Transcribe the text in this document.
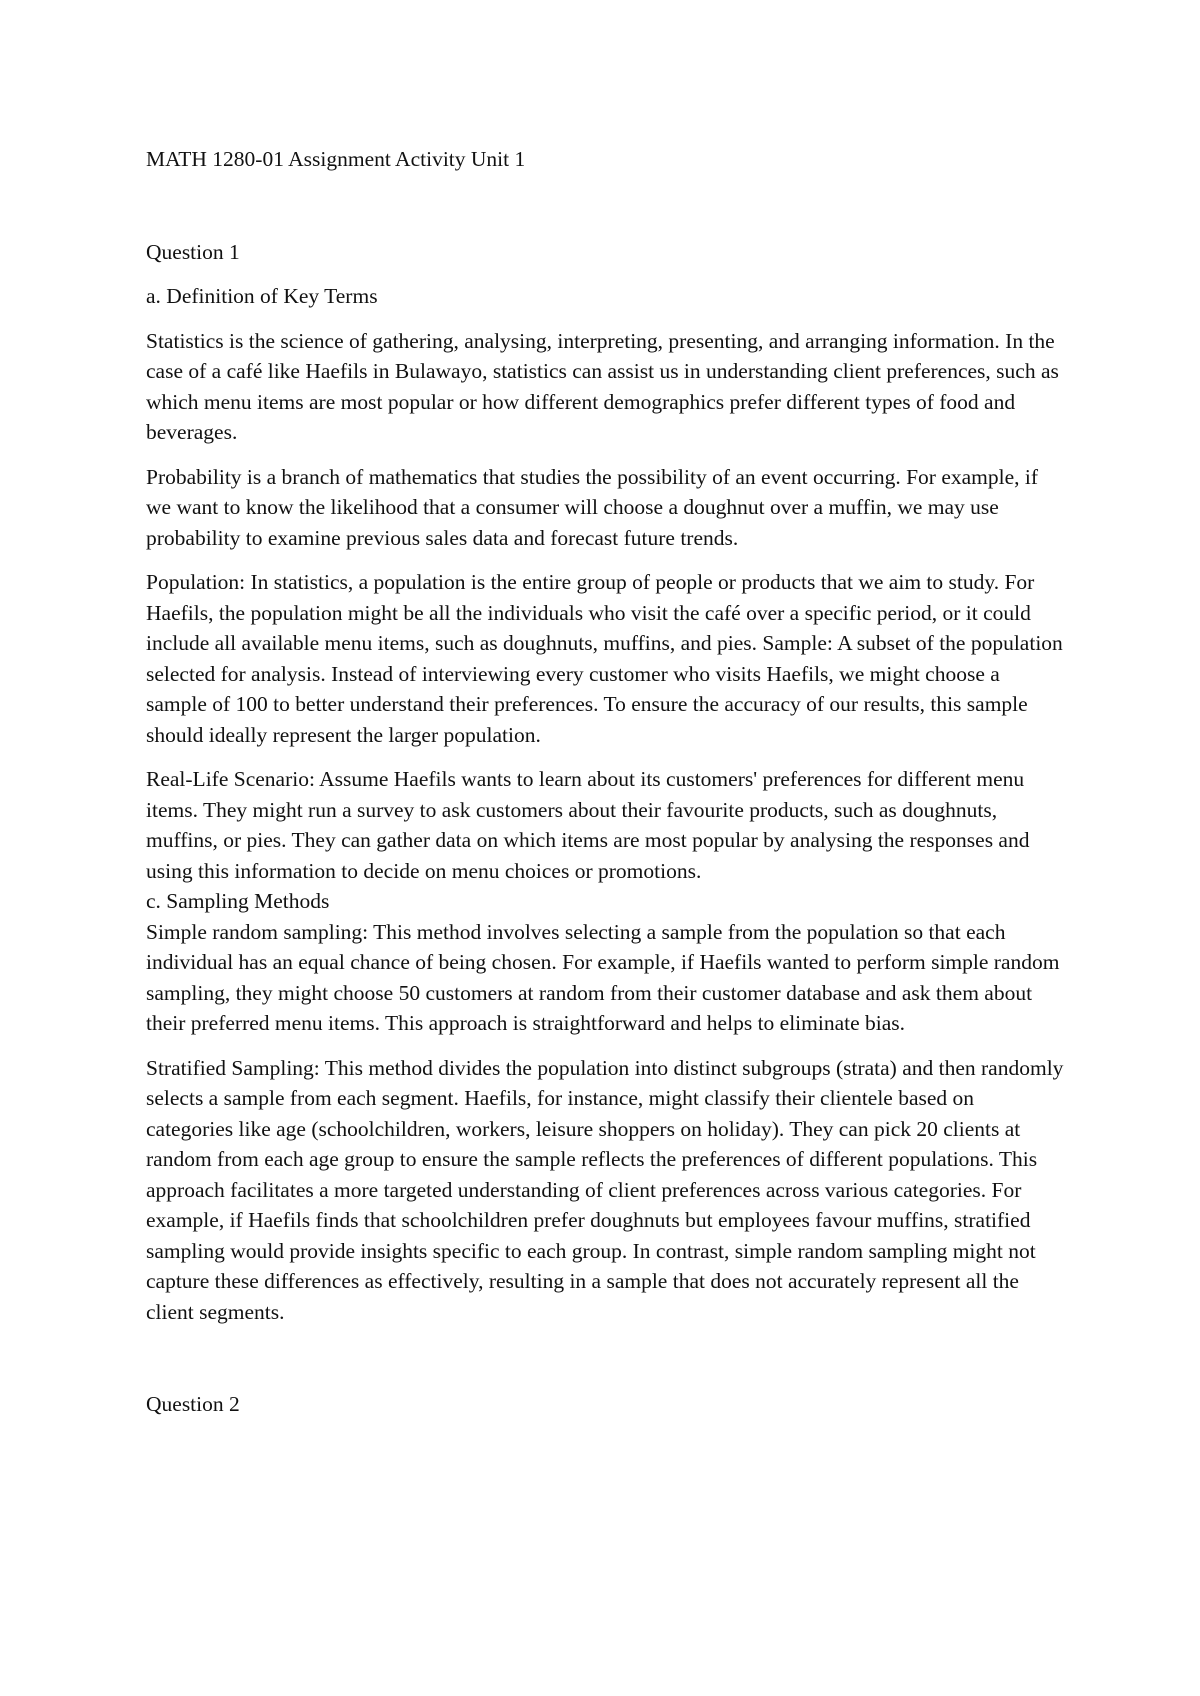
MATH 1280-01 Assignment Activity Unit 1
Question 1
a. Definition of Key Terms

Statistics is the science of gathering, analysing, interpreting, presenting, and arranging information. In the case of a café like Haefils in Bulawayo, statistics can assist us in understanding client preferences, such as which menu items are most popular or how different demographics prefer different types of food and beverages.

Probability is a branch of mathematics that studies the possibility of an event occurring. For example, if we want to know the likelihood that a consumer will choose a doughnut over a muffin, we may use probability to examine previous sales data and forecast future trends.

Population: In statistics, a population is the entire group of people or products that we aim to study. For Haefils, the population might be all the individuals who visit the café over a specific period, or it could include all available menu items, such as doughnuts, muffins, and pies. Sample: A subset of the population selected for analysis. Instead of interviewing every customer who visits Haefils, we might choose a sample of 100 to better understand their preferences. To ensure the accuracy of our results, this sample should ideally represent the larger population.

Real-Life Scenario: Assume Haefils wants to learn about its customers' preferences for different menu items. They might run a survey to ask customers about their favourite products, such as doughnuts, muffins, or pies. They can gather data on which items are most popular by analysing the responses and using this information to decide on menu choices or promotions.

c. Sampling Methods

Simple random sampling: This method involves selecting a sample from the population so that each individual has an equal chance of being chosen. For example, if Haefils wanted to perform simple random sampling, they might choose 50 customers at random from their customer database and ask them about their preferred menu items. This approach is straightforward and helps to eliminate bias.

Stratified Sampling: This method divides the population into distinct subgroups (strata) and then randomly selects a sample from each segment. Haefils, for instance, might classify their clientele based on categories like age (schoolchildren, workers, leisure shoppers on holiday). They can pick 20 clients at random from each age group to ensure the sample reflects the preferences of different populations. This approach facilitates a more targeted understanding of client preferences across various categories. For example, if Haefils finds that schoolchildren prefer doughnuts but employees favour muffins, stratified sampling would provide insights specific to each group. In contrast, simple random sampling might not capture these differences as effectively, resulting in a sample that does not accurately represent all the client segments.

Question 2
